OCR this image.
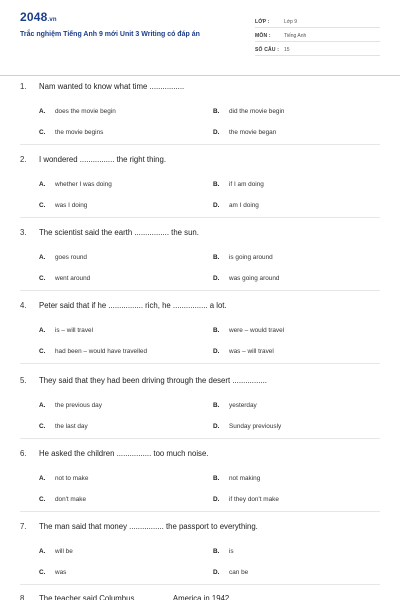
2048.vn
Trắc nghiệm Tiếng Anh 9 mới Unit 3 Writing có đáp án
LỚP :	Lớp 9
MÔN :	Tiếng Anh
SỐ CÂU : 15
1. Nam wanted to know what time ................
A. does the movie begin	B. did the movie begin
C. the movie begins	D. the movie began
2. I wondered ................ the right thing.
A. whether I was doing	B. if I am doing
C. was I doing	D. am I doing
3. The scientist said the earth ................ the sun.
A. goes round	B. is going around
C. went around	D. was going around
4. Peter said that if he ................ rich, he ................ a lot.
A. is – will travel	B. were – would travel
C. had been – would have travelled	D. was – will travel
5. They said that they had been driving through the desert ................
A. the previous day	B. yesterday
C. the last day	D. Sunday previously
6. He asked the children ................ too much noise.
A. not to make	B. not making
C. don't make	D. if they don't make
7. The man said that money ................ the passport to everything.
A. will be	B. is
C. was	D. can be
8. The teacher said Columbus ................ America in 1942.
